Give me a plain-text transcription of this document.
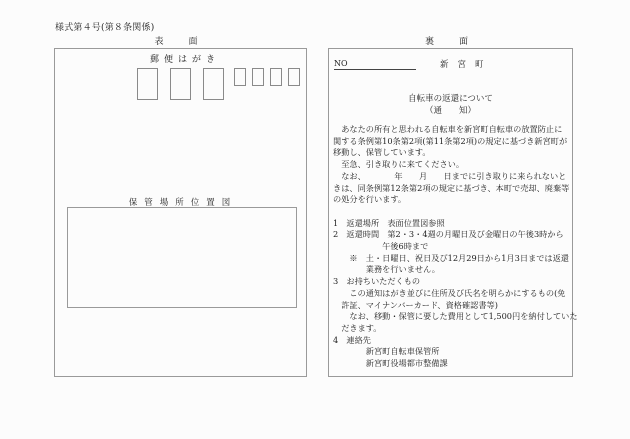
様式第４号(第８条関係)
表　面
郵便はがき
保管場所位置図
裏　面
NO	新宮町
自転車の返還について
（通　　知）
　あなたの所有と思われる自転車を新宮町自転車の放置防止に
関する条例第10条第2項(第11条第2項)の規定に基づき新宮町が
移動し、保管しています。
　至急、引き取りに来てください。
　なお、　　　　年　　月　　日までに引き取りに来られないと
きは、同条例第12条第2項の規定に基づき、本町で売却、廃棄等
の処分を行います。

1　返還場所　表面位置図参照
2　返還時間　第2・3・4週の月曜日及び金曜日の午後3時から
　　　　　　午後6時まで
　　※　土・日曜日、祝日及び12月29日から1月3日までは返還
　　　　業務を行いません。
3　お持ちいただくもの
　　この通知はがき並びに住所及び氏名を明らかにするもの(免
　許証、マイナンバーカード、資格確認書等)
　　なお、移動・保管に要した費用として1,500円を納付していた
　だきます。
4　連絡先
　　　　新宮町自転車保管所
　　　　新宮町役場都市整備課
